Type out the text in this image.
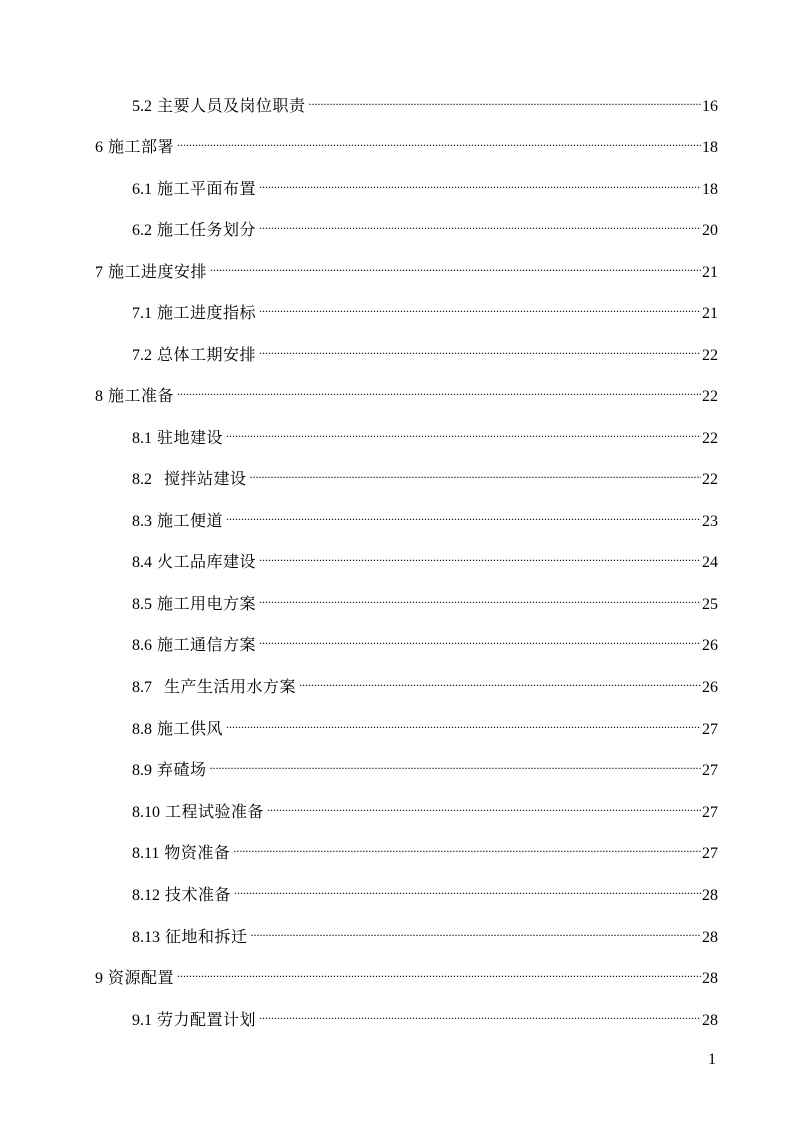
5.2 主要人员及岗位职责 .....	16
6 施工部署 .....	18
6.1 施工平面布置 .....	18
6.2 施工任务划分 .....	20
7 施工进度安排 .....	21
7.1 施工进度指标 .....	21
7.2 总体工期安排 .....	22
8 施工准备 .....	22
8.1 驻地建设 .....	22
8.2 搅拌站建设 .....	22
8.3 施工便道 .....	23
8.4 火工品库建设 .....	24
8.5 施工用电方案 .....	25
8.6 施工通信方案 .....	26
8.7 生产生活用水方案 .....	26
8.8 施工供风 .....	27
8.9 弃碴场 .....	27
8.10 工程试验准备 .....	27
8.11 物资准备 .....	27
8.12 技术准备 .....	28
8.13 征地和拆迁 .....	28
9 资源配置 .....	28
9.1 劳力配置计划 .....	28
1
